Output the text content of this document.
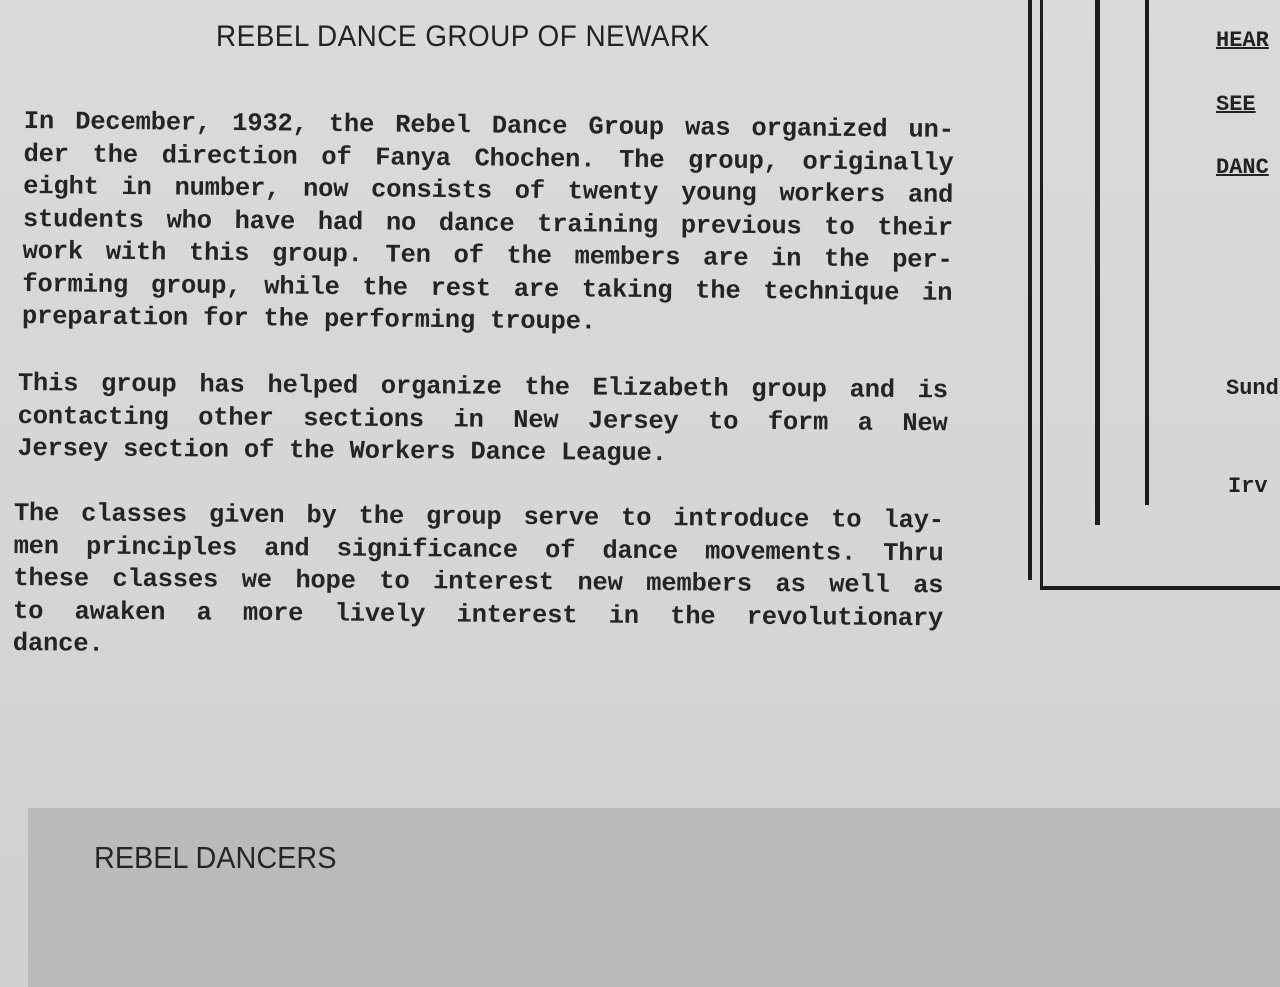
REBEL DANCE GROUP OF NEWARK
In December, 1932, the Rebel Dance Group was organized un-
der the direction of Fanya Chochen. The group, originally
eight in number, now consists of twenty young workers and
students who have had no dance training previous to their
work with this group. Ten of the members are in the per-
forming group, while the rest are taking the technique in
preparation for the performing troupe.
This group has helped organize the Elizabeth group and is
contacting other sections in New Jersey to form a New
Jersey section of the Workers Dance League.
The classes given by the group serve to introduce to lay-
men principles and significance of dance movements. Thru
these classes we hope to interest new members as well as
to awaken a more lively interest in the revolutionary
dance.
HEAR
SEE
DANC
Sund
Irv
REBEL DANCERS
